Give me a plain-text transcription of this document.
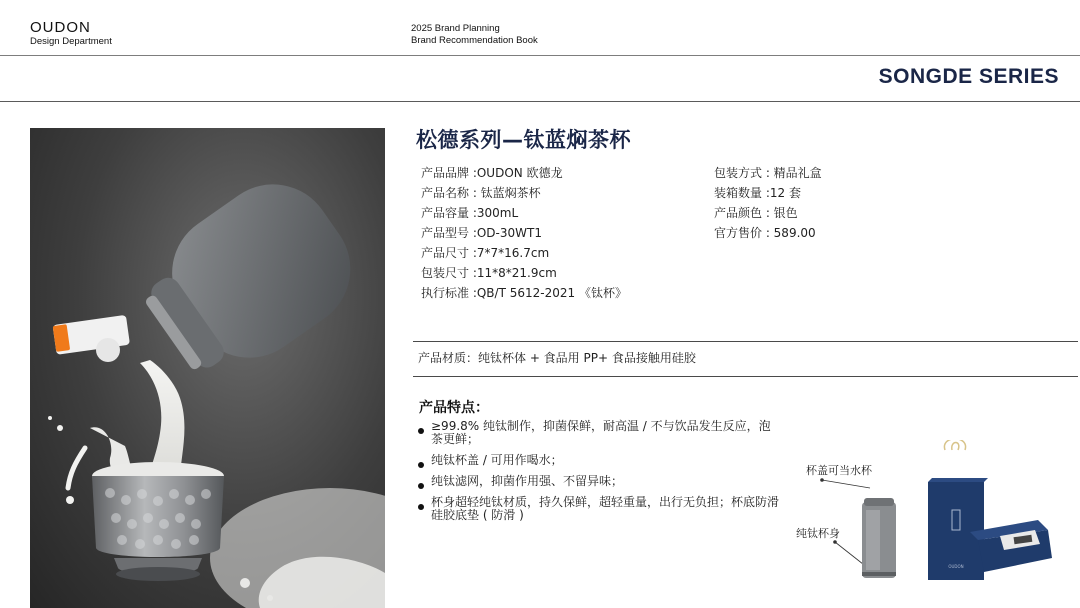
OUDON
Design Department
2025 Brand Planning
Brand Recommendation Book
SONGDE SERIES
松德系列—钛蓝焖茶杯
产品品牌 :OUDON 欧德龙
产品名称 : 钛蓝焖茶杯
产品容量 :300mL
产品型号 :OD-30WT1
产品尺寸 :7*7*16.7cm
包装尺寸 :11*8*21.9cm
执行标准 :QB/T 5612-2021 《钛杯》
包装方式 : 精品礼盒
装箱数量 :12 套
产品颜色 : 银色
官方售价 : 589.00
产品材质：纯钛杯体 + 食品用 PP+ 食品接触用硅胶
产品特点：
≥99.8% 纯钛制作，抑菌保鲜，耐高温 / 不与饮品发生反应，泡茶更鲜；
纯钛杯盖 / 可用作喝水；
纯钛滤网，抑菌作用强、不留异味；
杯身超轻纯钛材质，持久保鲜，超轻重量，出行无负担；杯底防滑硅胶底垫 ( 防滑 )
OUDON
杯盖可当水杯
纯钛杯身
